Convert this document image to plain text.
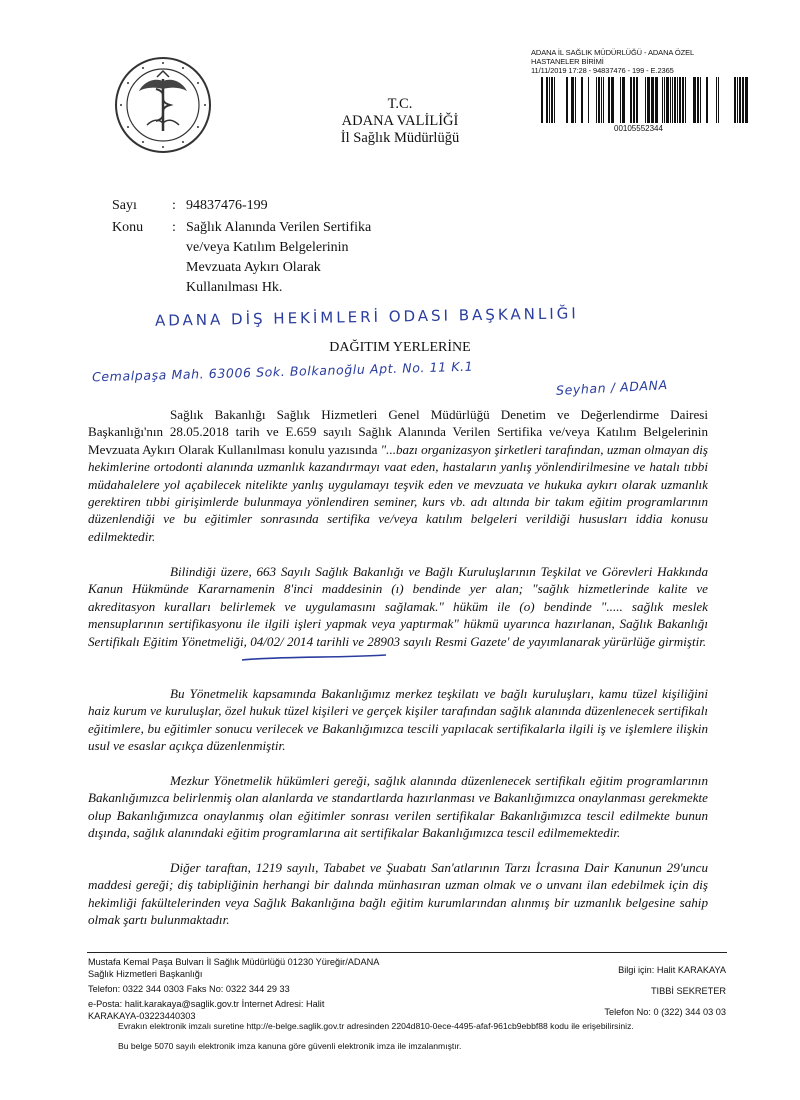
ADANA İL SAĞLIK MÜDÜRLÜĞÜ - ADANA ÖZEL
HASTANELER BİRİMİ
11/11/2019 17:28 - 94837476 - 199 - E.2365
00105552344
T.C.
ADANA VALİLİĞİ
İl Sağlık Müdürlüğü
Sayı	: 94837476-199
Konu	: Sağlık Alanında Verilen Sertifika
ve/veya Katılım Belgelerinin
Mevzuata Aykırı Olarak
Kullanılması Hk.
ADANA DİŞ HEKİMLERİ ODASI BAŞKANLIĞI
DAĞITIM YERLERİNE
Cemalpaşa Mah. 63006 Sok. Bolkanoğlu Apt. No. 11 K.1
Seyhan / ADANA
Sağlık Bakanlığı Sağlık Hizmetleri Genel Müdürlüğü Denetim ve Değerlendirme Dairesi Başkanlığı'nın 28.05.2018 tarih ve E.659 sayılı Sağlık Alanında Verilen Sertifika ve/veya Katılım Belgelerinin Mevzuata Aykırı Olarak Kullanılması konulu yazısında "...bazı organizasyon şirketleri tarafından, uzman olmayan diş hekimlerine ortodonti alanında uzmanlık kazandırmayı vaat eden, hastaların yanlış yönlendirilmesine ve hatalı tıbbi müdahalelere yol açabilecek nitelikte yanlış uygulamayı teşvik eden ve mevzuata ve hukuka aykırı olarak uzmanlık gerektiren tıbbi girişimlerde bulunmaya yönlendiren seminer, kurs vb. adı altında bir takım eğitim programlarının düzenlendiği ve bu eğitimler sonrasında sertifika ve/veya katılım belgeleri verildiği hususları iddia konusu edilmektedir.
Bilindiği üzere, 663 Sayılı Sağlık Bakanlığı ve Bağlı Kuruluşlarının Teşkilat ve Görevleri Hakkında Kanun Hükmünde Kararnamenin 8'inci maddesinin (ı) bendinde yer alan; "sağlık hizmetlerinde kalite ve akreditasyon kuralları belirlemek ve uygulamasını sağlamak." hüküm ile (o) bendinde "..... sağlık meslek mensuplarının sertifikasyonu ile ilgili işleri yapmak veya yaptırmak" hükmü uyarınca hazırlanan, Sağlık Bakanlığı Sertifikalı Eğitim Yönetmeliği, 04/02/ 2014 tarihli ve 28903 sayılı Resmi Gazete' de yayımlanarak yürürlüğe girmiştir.
Bu Yönetmelik kapsamında Bakanlığımız merkez teşkilatı ve bağlı kuruluşları, kamu tüzel kişiliğini haiz kurum ve kuruluşlar, özel hukuk tüzel kişileri ve gerçek kişiler tarafından sağlık alanında düzenlenecek sertifikalı eğitimlere, bu eğitimler sonucu verilecek ve Bakanlığımızca tescili yapılacak sertifikalarla ilgili iş ve işlemlere ilişkin usul ve esaslar açıkça düzenlenmiştir.
Mezkur Yönetmelik hükümleri gereği, sağlık alanında düzenlenecek sertifikalı eğitim programlarının Bakanlığımızca belirlenmiş olan alanlarda ve standartlarda hazırlanması ve Bakanlığımızca onaylanması gerekmekte olup Bakanlığımızca onaylanmış olan eğitimler sonrası verilen sertifikalar Bakanlığımızca tescil edilmekte bunun dışında, sağlık alanındaki eğitim programlarına ait sertifikalar Bakanlığımızca tescil edilmemektedir.
Diğer taraftan, 1219 sayılı, Tababet ve Şuabatı San'atlarının Tarzı İcrasına Dair Kanunun 29'uncu maddesi gereği; diş tabipliğinin herhangi bir dalında münhasıran uzman olmak ve o unvanı ilan edebilmek için diş hekimliği fakültelerinden veya Sağlık Bakanlığına bağlı eğitim kurumlarından alınmış bir uzmanlık belgesine sahip olmak şartı bulunmaktadır.
Mustafa Kemal Paşa Bulvarı İl Sağlık Müdürlüğü 01230 Yüreğir/ADANA
Sağlık Hizmetleri Başkanlığı
Telefon: 0322 344 0303 Faks No: 0322 344 29 33
e-Posta: halit.karakaya@saglik.gov.tr İnternet Adresi: Halit
KARAKAYA-03223440303
Bilgi için: Halit KARAKAYA
TIBBİ SEKRETER
Telefon No: 0 (322) 344 03 03
Evrakın elektronik imzalı suretine http://e-belge.saglik.gov.tr adresinden 2204d810-0ece-4495-afaf-961cb9ebbf88 kodu ile erişebilirsiniz.
Bu belge 5070 sayılı elektronik imza kanuna göre güvenli elektronik imza ile imzalanmıştır.
